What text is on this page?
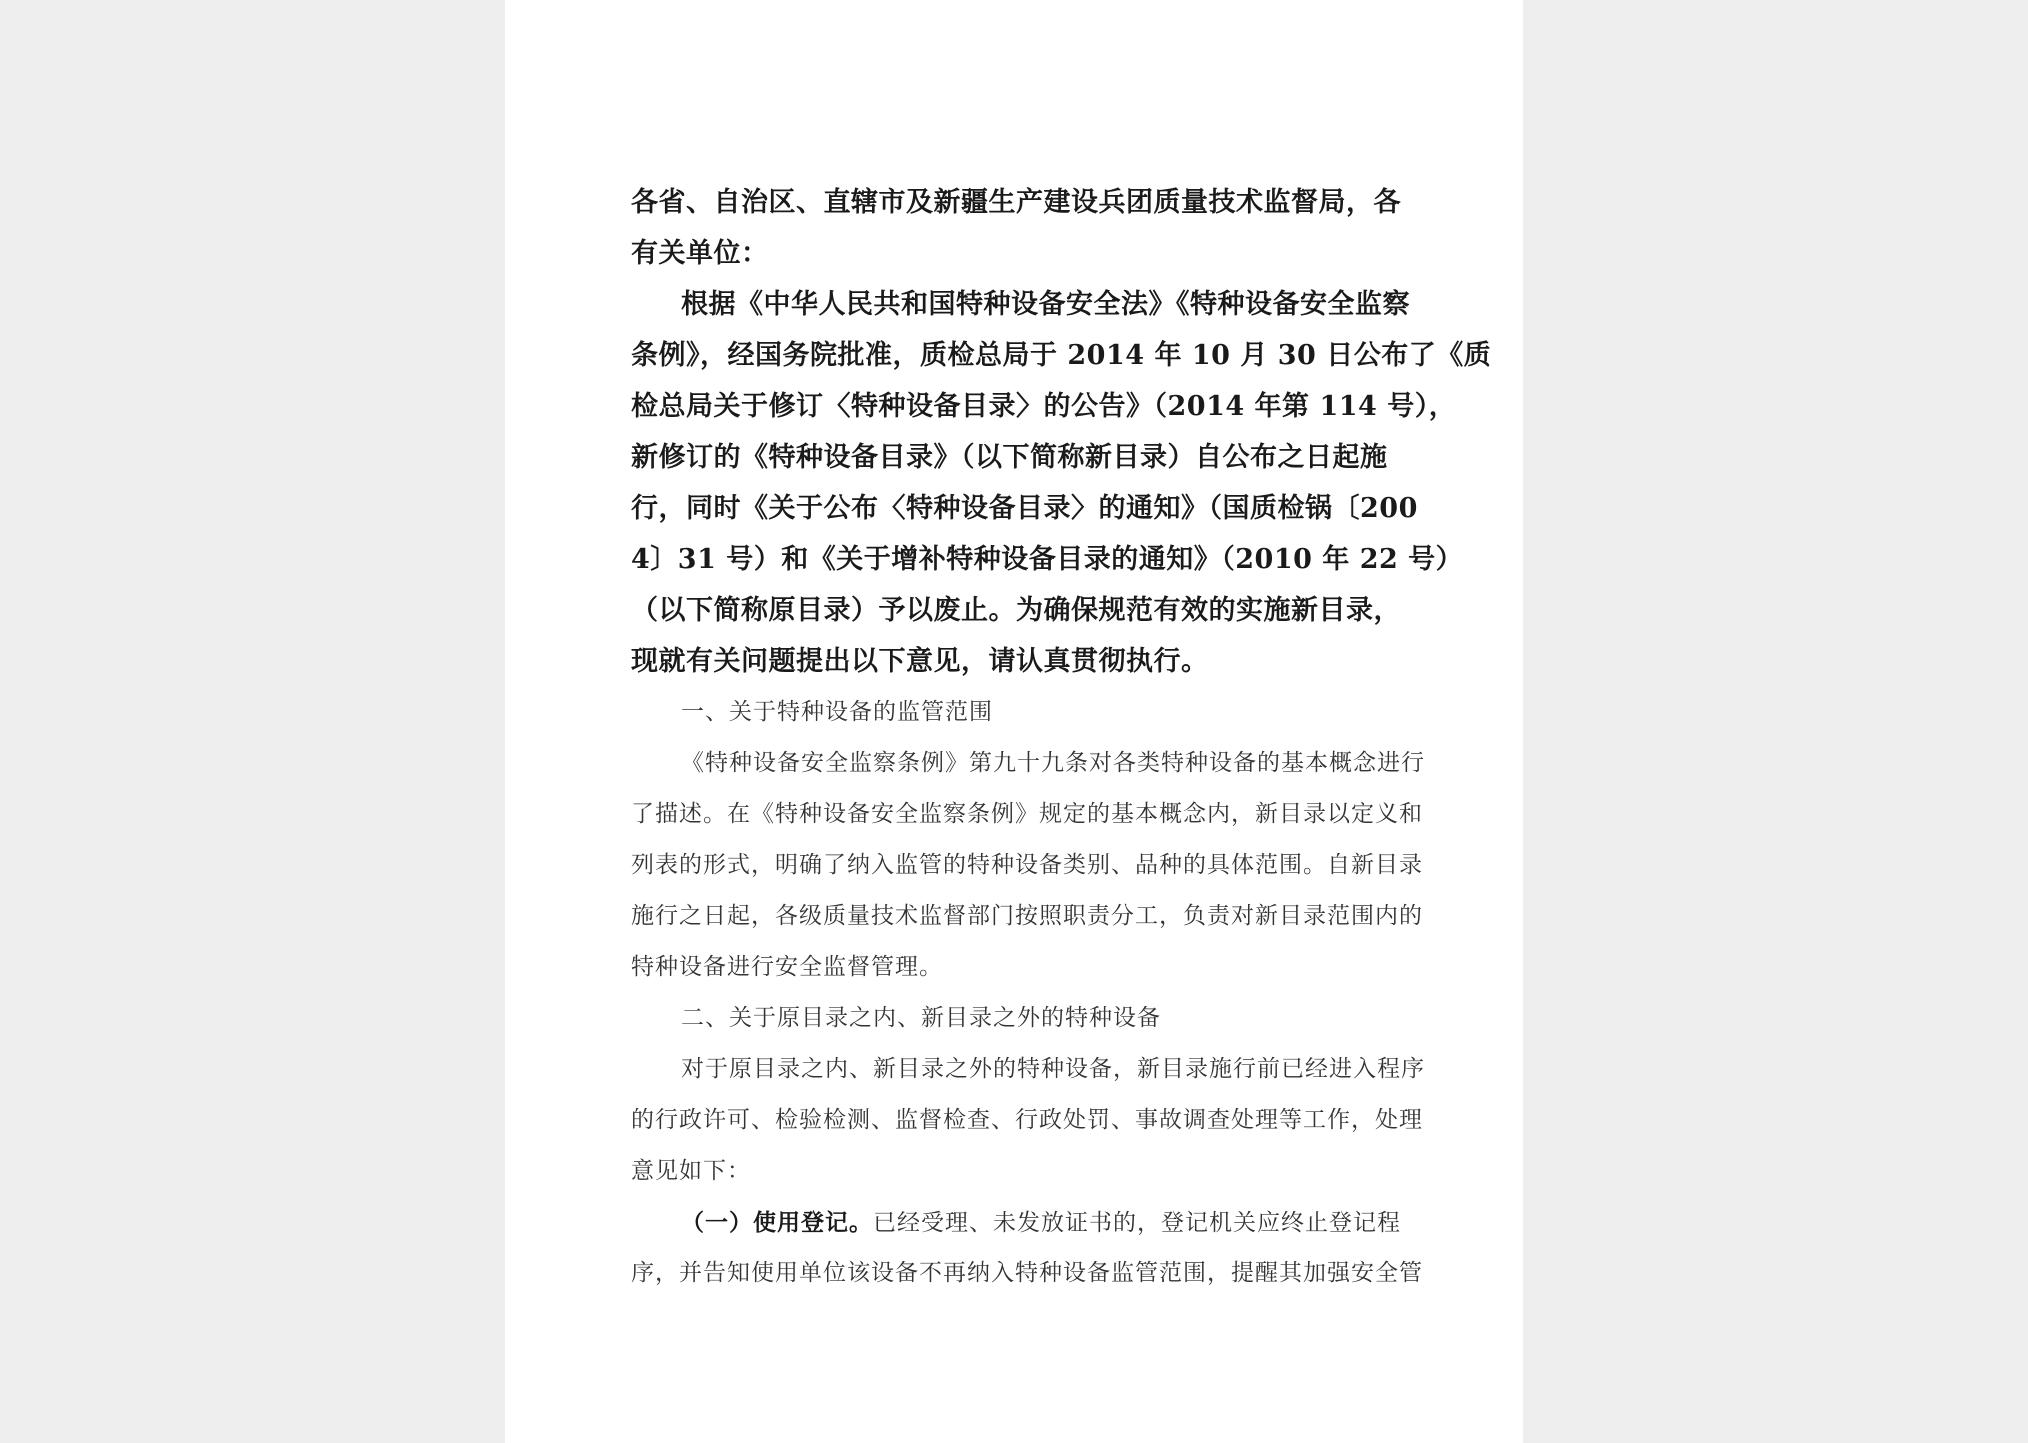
各省、自治区、直辖市及新疆生产建设兵团质量技术监督局，各
有关单位：
根据《中华人民共和国特种设备安全法》《特种设备安全监察
条例》，经国务院批准，质检总局于 2014 年 10 月 30 日公布了《质
检总局关于修订〈特种设备目录〉的公告》（2014 年第 114 号），
新修订的《特种设备目录》（以下简称新目录）自公布之日起施
行，同时《关于公布〈特种设备目录〉的通知》（国质检锅〔200
4〕31 号）和《关于增补特种设备目录的通知》（2010 年 22 号）
（以下简称原目录）予以废止。为确保规范有效的实施新目录，
现就有关问题提出以下意见，请认真贯彻执行。
一、关于特种设备的监管范围
《特种设备安全监察条例》第九十九条对各类特种设备的基本概念进行
了描述。在《特种设备安全监察条例》规定的基本概念内，新目录以定义和
列表的形式，明确了纳入监管的特种设备类别、品种的具体范围。自新目录
施行之日起，各级质量技术监督部门按照职责分工，负责对新目录范围内的
特种设备进行安全监督管理。
二、关于原目录之内、新目录之外的特种设备
对于原目录之内、新目录之外的特种设备，新目录施行前已经进入程序
的行政许可、检验检测、监督检查、行政处罚、事故调查处理等工作，处理
意见如下：
（一）使用登记。已经受理、未发放证书的，登记机关应终止登记程
序，并告知使用单位该设备不再纳入特种设备监管范围，提醒其加强安全管
